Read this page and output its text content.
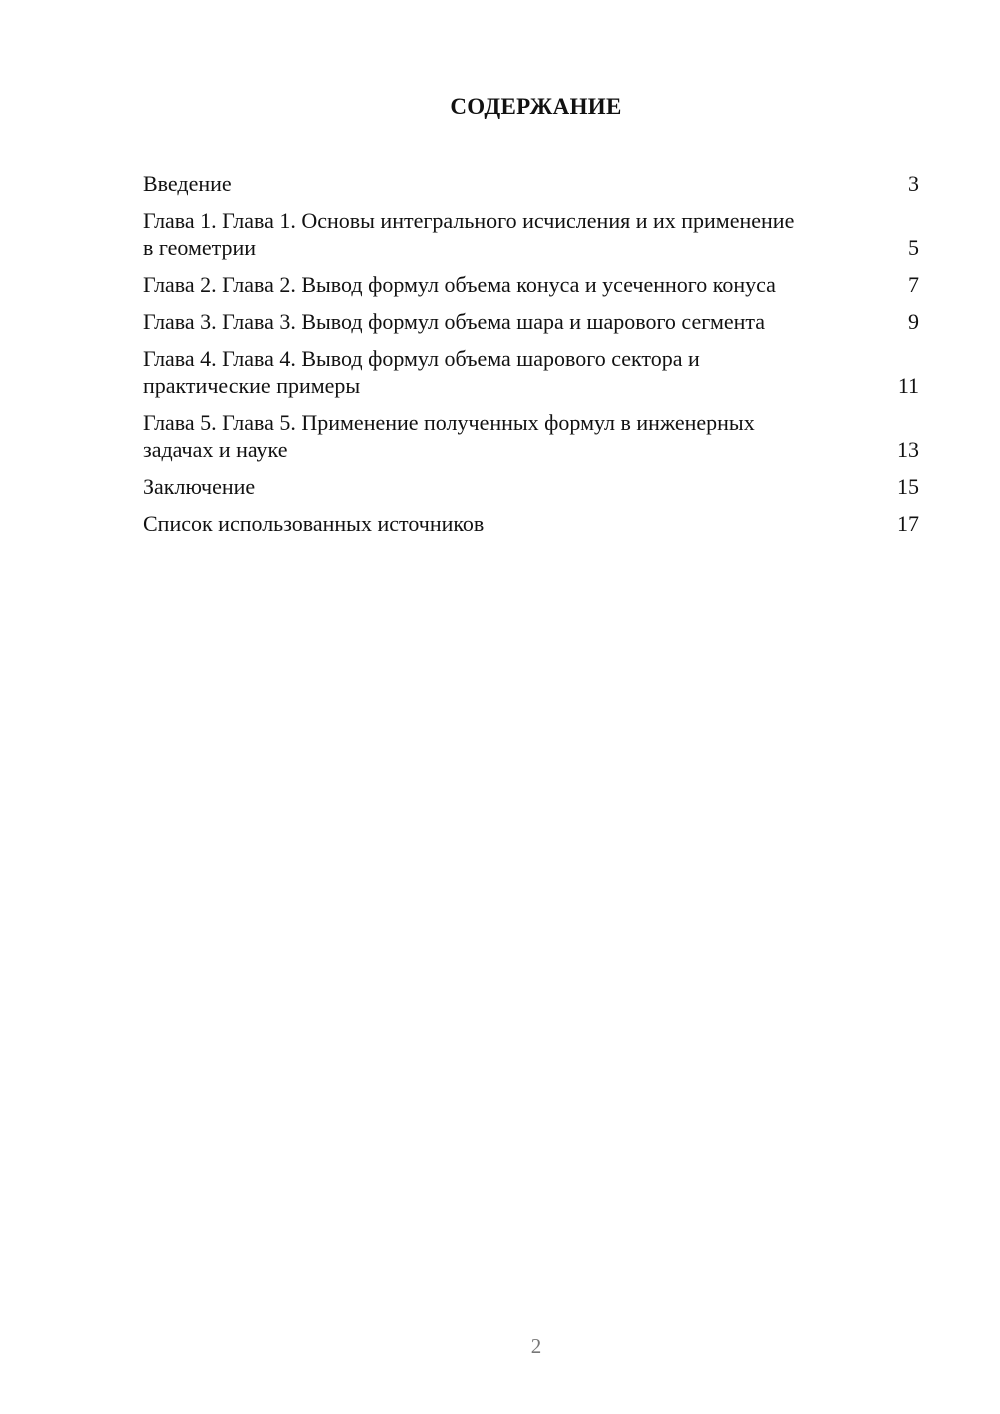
СОДЕРЖАНИЕ
Введение	3
Глава 1. Глава 1. Основы интегрального исчисления и их применение в геометрии	5
Глава 2. Глава 2. Вывод формул объема конуса и усеченного конуса	7
Глава 3. Глава 3. Вывод формул объема шара и шарового сегмента	9
Глава 4. Глава 4. Вывод формул объема шарового сектора и практические примеры	11
Глава 5. Глава 5. Применение полученных формул в инженерных задачах и науке	13
Заключение	15
Список использованных источников	17
2
